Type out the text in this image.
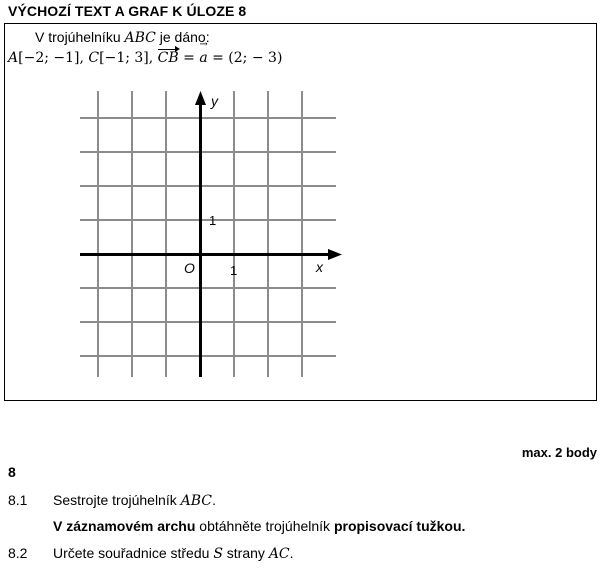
VÝCHOZÍ TEXT A GRAF K ÚLOZE 8
V trojúhelníku ABC je dáno:
A[−2; −1], C[−1; 3], CB = a → = (2; − 3)
y
x
O
1
1
max. 2 body
8
8.1 Sestrojte trojúhelník ABC.
V záznamovém archu obtáhněte trojúhelník propisovací tužkou.
8.2 Určete souřadnice středu S strany AC.
